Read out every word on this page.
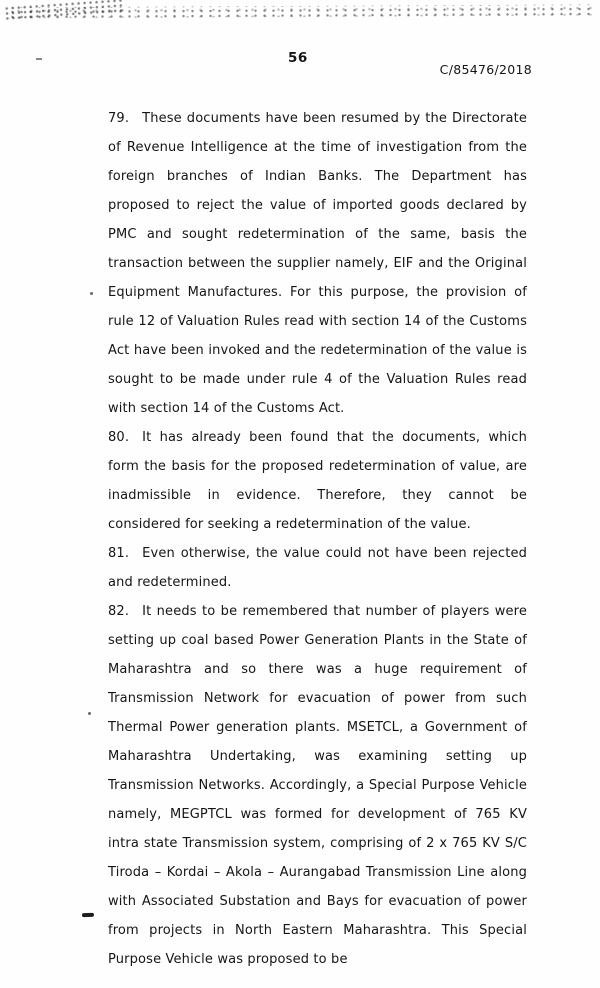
56
C/85476/2018

79. These documents have been resumed by the Directorate of Revenue Intelligence at the time of investigation from the foreign branches of Indian Banks. The Department has proposed to reject the value of imported goods declared by PMC and sought redetermination of the same, basis the transaction between the supplier namely, EIF and the Original Equipment Manufactures. For this purpose, the provision of rule 12 of Valuation Rules read with section 14 of the Customs Act have been invoked and the redetermination of the value is sought to be made under rule 4 of the Valuation Rules read with section 14 of the Customs Act.

80. It has already been found that the documents, which form the basis for the proposed redetermination of value, are inadmissible in evidence. Therefore, they cannot be considered for seeking a redetermination of the value.

81. Even otherwise, the value could not have been rejected and redetermined.

82. It needs to be remembered that number of players were setting up coal based Power Generation Plants in the State of Maharashtra and so there was a huge requirement of Transmission Network for evacuation of power from such Thermal Power generation plants. MSETCL, a Government of Maharashtra Undertaking, was examining setting up Transmission Networks. Accordingly, a Special Purpose Vehicle namely, MEGPTCL was formed for development of 765 KV intra state Transmission system, comprising of 2 x 765 KV S/C Tiroda – Kordai – Akola – Aurangabad Transmission Line along with Associated Substation and Bays for evacuation of power from projects in North Eastern Maharashtra. This Special Purpose Vehicle was proposed to be
